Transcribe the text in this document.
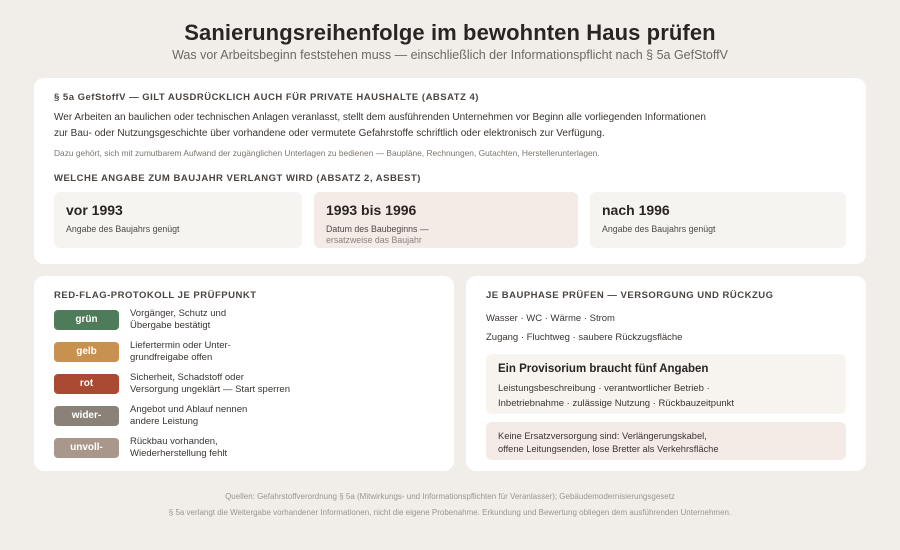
Sanierungsreihenfolge im bewohnten Haus prüfen
Was vor Arbeitsbeginn feststehen muss — einschließlich der Informationspflicht nach § 5a GefStoffV
§ 5a GefStoffV — GILT AUSDRÜCKLICH AUCH FÜR PRIVATE HAUSHALTE (ABSATZ 4)
Wer Arbeiten an baulichen oder technischen Anlagen veranlasst, stellt dem ausführenden Unternehmen vor Beginn alle vorliegenden Informationen
zur Bau- oder Nutzungsgeschichte über vorhandene oder vermutete Gefahrstoffe schriftlich oder elektronisch zur Verfügung.
Dazu gehört, sich mit zumutbarem Aufwand der zugänglichen Unterlagen zu bedienen — Baupläne, Rechnungen, Gutachten, Herstellerunterlagen.
WELCHE ANGABE ZUM BAUJAHR VERLANGT WIRD (ABSATZ 2, ASBEST)
vor 1993
Angabe des Baujahrs genügt
1993 bis 1996
Datum des Baubeginns —
ersatzweise das Baujahr
nach 1996
Angabe des Baujahrs genügt
RED-FLAG-PROTOKOLL JE PRÜFPUNKT
grün
Vorgänger, Schutz und
Übergabe bestätigt
gelb
Liefertermin oder Unter-
grundfreigabe offen
rot
Sicherheit, Schadstoff oder
Versorgung ungeklärt — Start sperren
wider-
Angebot und Ablauf nennen
andere Leistung
unvoll-
Rückbau vorhanden,
Wiederherstellung fehlt
JE BAUPHASE PRÜFEN — VERSORGUNG UND RÜCKZUG
Wasser · WC · Wärme · Strom
Zugang · Fluchtweg · saubere Rückzugsfläche
Ein Provisorium braucht fünf Angaben
Leistungsbeschreibung · verantwortlicher Betrieb ·
Inbetriebnahme · zulässige Nutzung · Rückbauzeitpunkt
Keine Ersatzversorgung sind: Verlängerungskabel,
offene Leitungsenden, lose Bretter als Verkehrsfläche
Quellen: Gefahrstoffverordnung § 5a (Mitwirkungs- und Informationspflichten für Veranlasser); Gebäudemodernisierungsgesetz
§ 5a verlangt die Weitergabe vorhandener Informationen, nicht die eigene Probenahme. Erkundung und Bewertung obliegen dem ausführenden Unternehmen.
